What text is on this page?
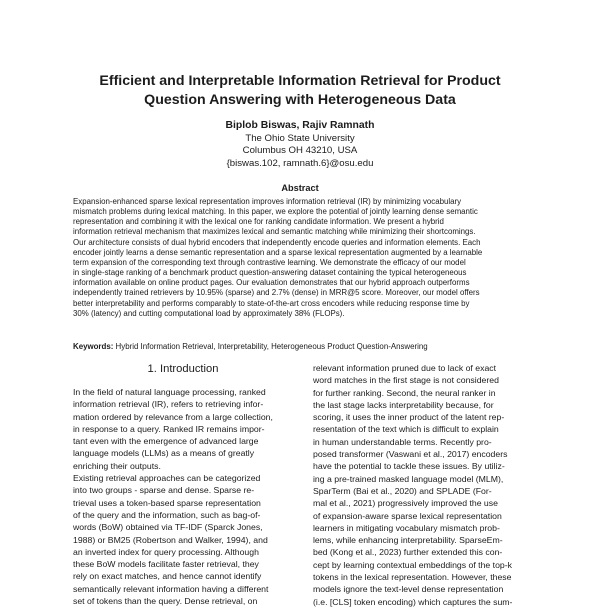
Efficient and Interpretable Information Retrieval for Product
Question Answering with Heterogeneous Data
Biplob Biswas, Rajiv Ramnath
The Ohio State University
Columbus OH 43210, USA
{biswas.102, ramnath.6}@osu.edu
Abstract
Expansion-enhanced sparse lexical representation improves information retrieval (IR) by minimizing vocabulary
mismatch problems during lexical matching. In this paper, we explore the potential of jointly learning dense semantic
representation and combining it with the lexical one for ranking candidate information. We present a hybrid
information retrieval mechanism that maximizes lexical and semantic matching while minimizing their shortcomings.
Our architecture consists of dual hybrid encoders that independently encode queries and information elements. Each
encoder jointly learns a dense semantic representation and a sparse lexical representation augmented by a learnable
term expansion of the corresponding text through contrastive learning. We demonstrate the efficacy of our model
in single-stage ranking of a benchmark product question-answering dataset containing the typical heterogeneous
information available on online product pages. Our evaluation demonstrates that our hybrid approach outperforms
independently trained retrievers by 10.95% (sparse) and 2.7% (dense) in MRR@5 score. Moreover, our model offers
better interpretability and performs comparably to state-of-the-art cross encoders while reducing response time by
30% (latency) and cutting computational load by approximately 38% (FLOPs).
Keywords: Hybrid Information Retrieval, Interpretability, Heterogeneous Product Question-Answering
1. Introduction
In the field of natural language processing, ranked
information retrieval (IR), refers to retrieving infor-
mation ordered by relevance from a large collection,
in response to a query. Ranked IR remains impor-
tant even with the emergence of advanced large
language models (LLMs) as a means of greatly
enriching their outputs.
Existing retrieval approaches can be categorized
into two groups - sparse and dense. Sparse re-
trieval uses a token-based sparse representation
of the query and the information, such as bag-of-
words (BoW) obtained via TF-IDF (Sparck Jones,
1988) or BM25 (Robertson and Walker, 1994), and
an inverted index for query processing. Although
these BoW models facilitate faster retrieval, they
rely on exact matches, and hence cannot identify
semantically relevant information having a different
set of tokens than the query. Dense retrieval, on
relevant information pruned due to lack of exact
word matches in the first stage is not considered
for further ranking. Second, the neural ranker in
the last stage lacks interpretability because, for
scoring, it uses the inner product of the latent rep-
resentation of the text which is difficult to explain
in human understandable terms. Recently pro-
posed transformer (Vaswani et al., 2017) encoders
have the potential to tackle these issues. By utiliz-
ing a pre-trained masked language model (MLM),
SparTerm (Bai et al., 2020) and SPLADE (For-
mal et al., 2021) progressively improved the use
of expansion-aware sparse lexical representation
learners in mitigating vocabulary mismatch prob-
lems, while enhancing interpretability. SparseEm-
bed (Kong et al., 2023) further extended this con-
cept by learning contextual embeddings of the top-k
tokens in the lexical representation. However, these
models ignore the text-level dense representation
(i.e. [CLS] token encoding) which captures the sum-
